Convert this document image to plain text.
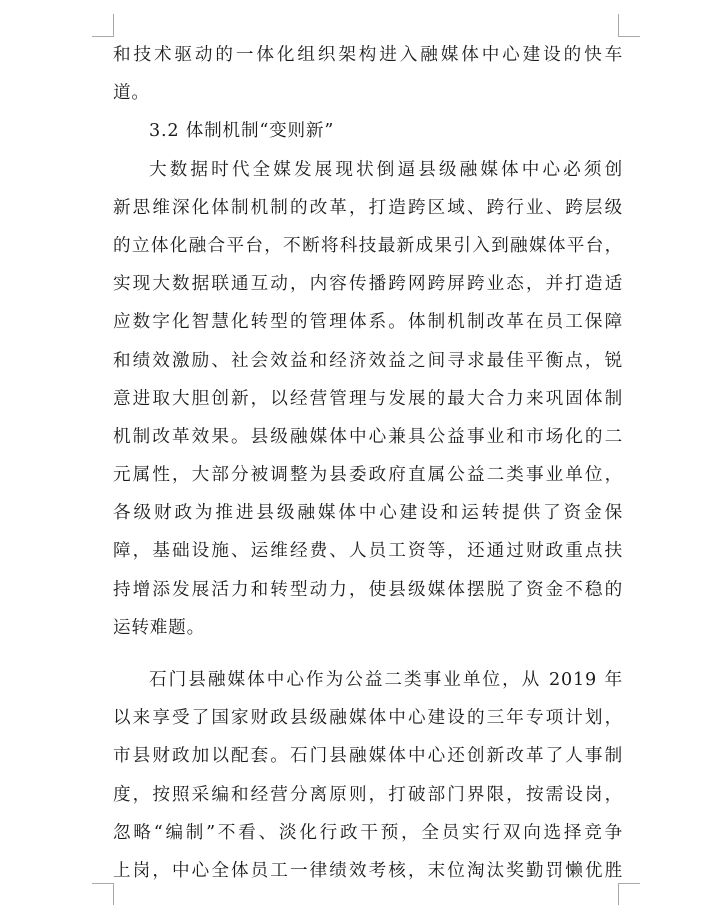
和技术驱动的一体化组织架构进入融媒体中心建设的快车
道。
3.2 体制机制“变则新”
大数据时代全媒发展现状倒逼县级融媒体中心必须创
新思维深化体制机制的改革，打造跨区域、跨行业、跨层级
的立体化融合平台，不断将科技最新成果引入到融媒体平台，
实现大数据联通互动，内容传播跨网跨屏跨业态，并打造适
应数字化智慧化转型的管理体系。体制机制改革在员工保障
和绩效激励、社会效益和经济效益之间寻求最佳平衡点，锐
意进取大胆创新，以经营管理与发展的最大合力来巩固体制
机制改革效果。县级融媒体中心兼具公益事业和市场化的二
元属性，大部分被调整为县委政府直属公益二类事业单位，
各级财政为推进县级融媒体中心建设和运转提供了资金保
障，基础设施、运维经费、人员工资等，还通过财政重点扶
持增添发展活力和转型动力，使县级媒体摆脱了资金不稳的
运转难题。
石门县融媒体中心作为公益二类事业单位，从 2019 年
以来享受了国家财政县级融媒体中心建设的三年专项计划，
市县财政加以配套。石门县融媒体中心还创新改革了人事制
度，按照采编和经营分离原则，打破部门界限，按需设岗，
忽略“编制”不看、淡化行政干预，全员实行双向选择竞争
上岗，中心全体员工一律绩效考核，末位淘汰奖勤罚懒优胜
